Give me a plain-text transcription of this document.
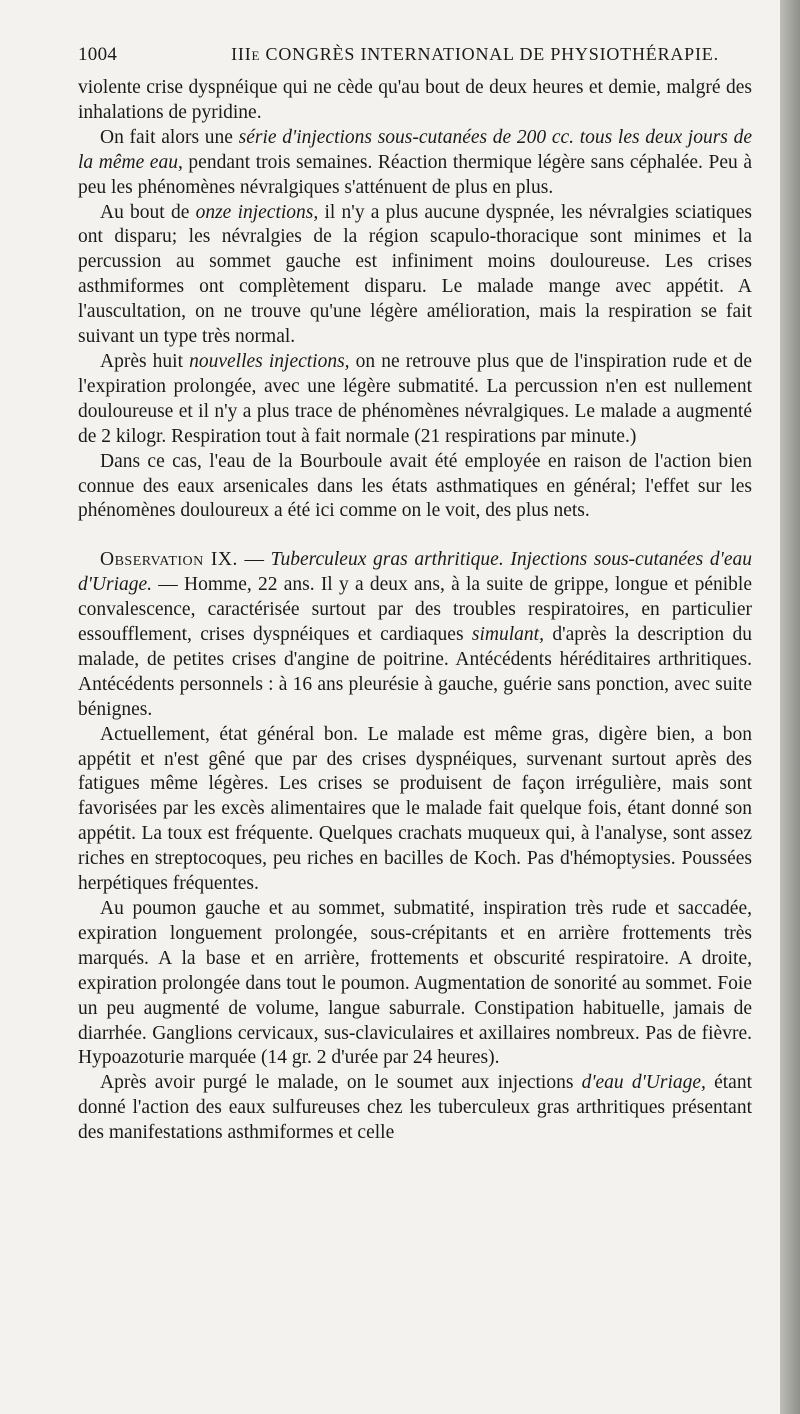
1004	IIIe CONGRÈS INTERNATIONAL DE PHYSIOTHÉRAPIE.

violente crise dyspnéique qui ne cède qu'au bout de deux heures et demie, malgré des inhalations de pyridine.

On fait alors une série d'injections sous-cutanées de 200 cc. tous les deux jours de la même eau, pendant trois semaines. Réaction thermique légère sans céphalée. Peu à peu les phénomènes névralgiques s'atténuent de plus en plus.

Au bout de onze injections, il n'y a plus aucune dyspnée, les névralgies sciatiques ont disparu; les névralgies de la région scapulo-thoracique sont minimes et la percussion au sommet gauche est infiniment moins douloureuse. Les crises asthmiformes ont complètement disparu. Le malade mange avec appétit. A l'auscultation, on ne trouve qu'une légère amélioration, mais la respiration se fait suivant un type très normal.

Après huit nouvelles injections, on ne retrouve plus que de l'inspiration rude et de l'expiration prolongée, avec une légère submatité. La percussion n'en est nullement douloureuse et il n'y a plus trace de phénomènes névralgiques. Le malade a augmenté de 2 kilogr. Respiration tout à fait normale (21 respirations par minute.)

Dans ce cas, l'eau de la Bourboule avait été employée en raison de l'action bien connue des eaux arsenicales dans les états asthmatiques en général; l'effet sur les phénomènes douloureux a été ici comme on le voit, des plus nets.

Observation IX. — Tuberculeux gras arthritique. Injections sous-cutanées d'eau d'Uriage. — Homme, 22 ans. Il y a deux ans, à la suite de grippe, longue et pénible convalescence, caractérisée surtout par des troubles respiratoires, en particulier essoufflement, crises dyspnéiques et cardiaques simulant, d'après la description du malade, de petites crises d'angine de poitrine. Antécédents héréditaires arthritiques. Antécédents personnels : à 16 ans pleurésie à gauche, guérie sans ponction, avec suite bénignes.

Actuellement, état général bon. Le malade est même gras, digère bien, a bon appétit et n'est gêné que par des crises dyspnéiques, survenant surtout après des fatigues même légères. Les crises se produisent de façon irrégulière, mais sont favorisées par les excès alimentaires que le malade fait quelque fois, étant donné son appétit. La toux est fréquente. Quelques crachats muqueux qui, à l'analyse, sont assez riches en streptocoques, peu riches en bacilles de Koch. Pas d'hémoptysies. Poussées herpétiques fréquentes.

Au poumon gauche et au sommet, submatité, inspiration très rude et saccadée, expiration longuement prolongée, sous-crépitants et en arrière frottements très marqués. A la base et en arrière, frottements et obscurité respiratoire. A droite, expiration prolongée dans tout le poumon. Augmentation de sonorité au sommet. Foie un peu augmenté de volume, langue saburrale. Constipation habituelle, jamais de diarrhée. Ganglions cervicaux, sus-claviculaires et axillaires nombreux. Pas de fièvre. Hypoazoturie marquée (14 gr. 2 d'urée par 24 heures).

Après avoir purgé le malade, on le soumet aux injections d'eau d'Uriage, étant donné l'action des eaux sulfureuses chez les tuberculeux gras arthritiques présentant des manifestations asthmiformes et celle
